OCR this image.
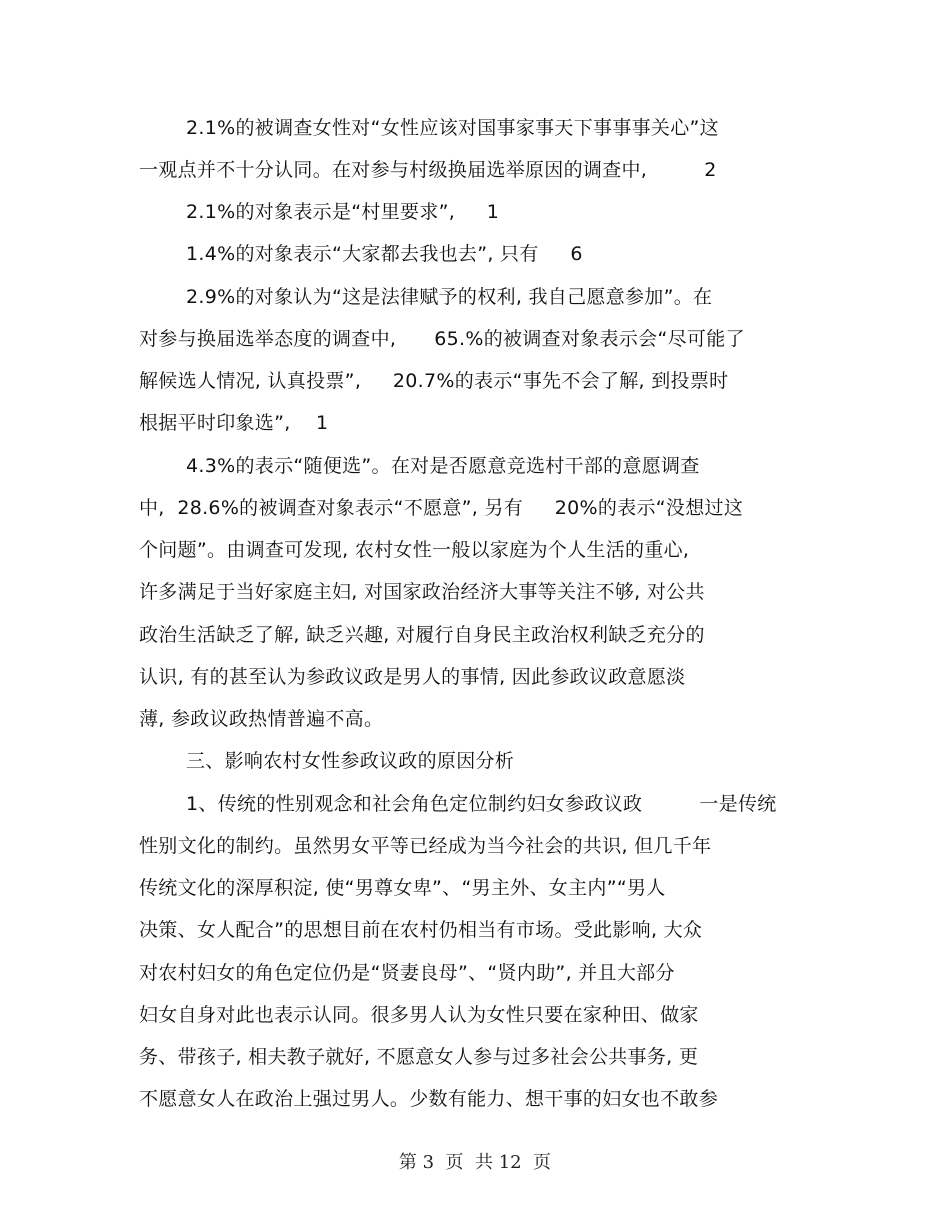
2.1%的被调查女性对“女性应该对国事家事天下事事事关心”这
一观点并不十分认同。在对参与村级换届选举原因的调查中,         2
2.1%的对象表示是“村里要求”,     1
1.4%的对象表示“大家都去我也去”, 只有     6
2.9%的对象认为“这是法律赋予的权利, 我自己愿意参加”。在
对参与换届选举态度的调查中,      65.%的被调查对象表示会“尽可能了
解候选人情况, 认真投票”,     20.7%的表示“事先不会了解, 到投票时
根据平时印象选”,    1
4.3%的表示“随便选”。在对是否愿意竞选村干部的意愿调查
中,  28.6%的被调查对象表示“不愿意”, 另有     20%的表示“没想过这
个问题”。由调查可发现, 农村女性一般以家庭为个人生活的重心,
许多满足于当好家庭主妇, 对国家政治经济大事等关注不够, 对公共
政治生活缺乏了解, 缺乏兴趣, 对履行自身民主政治权利缺乏充分的
认识, 有的甚至认为参政议政是男人的事情, 因此参政议政意愿淡
薄, 参政议政热情普遍不高。
三、影响农村女性参政议政的原因分析
1、传统的性别观念和社会角色定位制约妇女参政议政         一是传统
性别文化的制约。虽然男女平等已经成为当今社会的共识, 但几千年
传统文化的深厚积淀, 使“男尊女卑”、“男主外、女主内”“男人
决策、女人配合”的思想目前在农村仍相当有市场。受此影响, 大众
对农村妇女的角色定位仍是“贤妻良母”、“贤内助”, 并且大部分
妇女自身对此也表示认同。很多男人认为女性只要在家种田、做家
务、带孩子, 相夫教子就好, 不愿意女人参与过多社会公共事务, 更
不愿意女人在政治上强过男人。少数有能力、想干事的妇女也不敢参
第 3  页  共 12  页
